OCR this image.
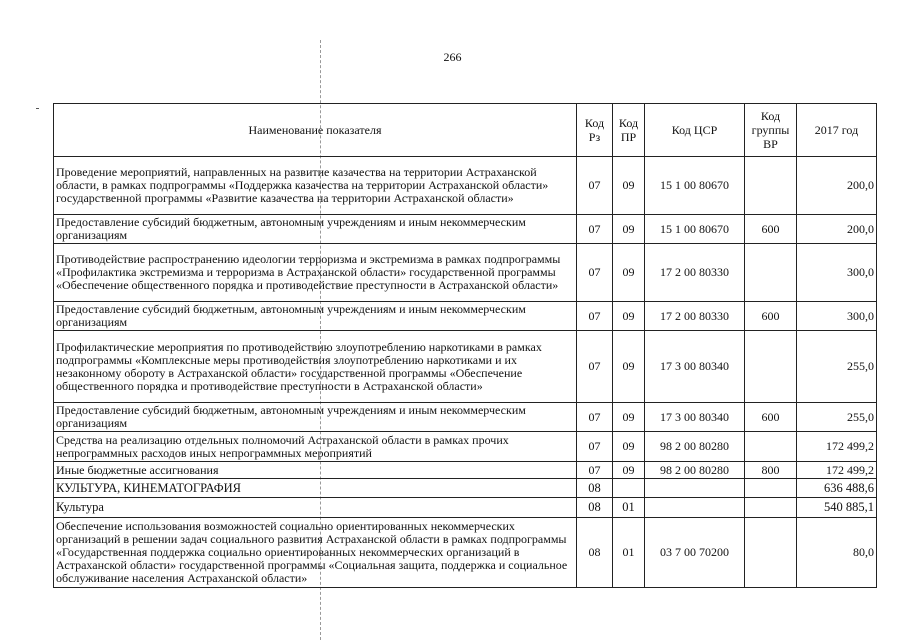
266
Наименование показателя	Код Рз	Код ПР	Код ЦСР	Код группы ВР	2017 год
Проведение мероприятий, направленных на развитие казачества на территории Астраханской области, в рамках подпрограммы «Поддержка казачества на территории Астраханской области» государственной программы «Развитие казачества на территории Астраханской области»	07	09	15 1 00 80670		200,0
Предоставление субсидий бюджетным, автономным учреждениям и иным некоммерческим организациям	07	09	15 1 00 80670	600	200,0
Противодействие распространению идеологии терроризма и экстремизма в рамках подпрограммы «Профилактика экстремизма и терроризма в Астраханской области» государственной программы «Обеспечение общественного порядка и противодействие преступности в Астраханской области»	07	09	17 2 00 80330		300,0
Предоставление субсидий бюджетным, автономным учреждениям и иным некоммерческим организациям	07	09	17 2 00 80330	600	300,0
Профилактические мероприятия по противодействию злоупотреблению наркотиками в рамках подпрограммы «Комплексные меры противодействия злоупотреблению наркотиками и их незаконному обороту в Астраханской области» государственной программы «Обеспечение общественного порядка и противодействие преступности в Астраханской области»	07	09	17 3 00 80340		255,0
Предоставление субсидий бюджетным, автономным учреждениям и иным некоммерческим организациям	07	09	17 3 00 80340	600	255,0
Средства на реализацию отдельных полномочий Астраханской области в рамках прочих непрограммных расходов иных непрограммных мероприятий	07	09	98 2 00 80280		172 499,2
Иные бюджетные ассигнования	07	09	98 2 00 80280	800	172 499,2
КУЛЬТУРА, КИНЕМАТОГРАФИЯ	08				636 488,6
Культура	08	01			540 885,1
Обеспечение использования возможностей социально ориентированных некоммерческих организаций в решении задач социального развития Астраханской области в рамках подпрограммы «Государственная поддержка социально ориентированных некоммерческих организаций в Астраханской области» государственной программы «Социальная защита, поддержка и социальное обслуживание населения Астраханской области»	08	01	03 7 00 70200		80,0
